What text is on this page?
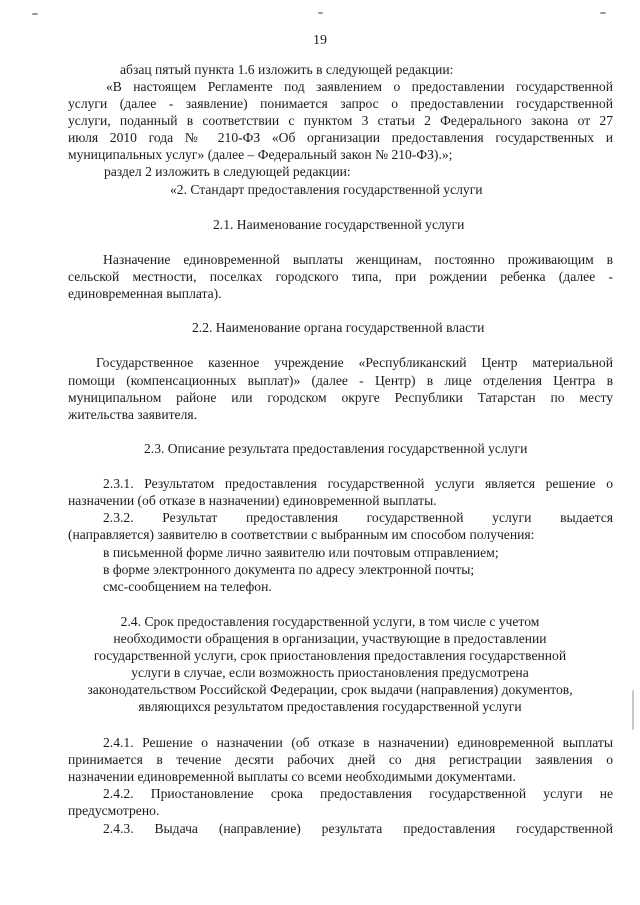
19
абзац пятый пункта 1.6 изложить в следующей редакции:
«В настоящем Регламенте под заявлением о предоставлении государственной
услуги (далее - заявление) понимается запрос о предоставлении государственной
услуги, поданный в соответствии с пунктом 3 статьи 2 Федерального закона от 27
июля 2010 года № 210-ФЗ «Об организации предоставления государственных и
муниципальных услуг» (далее – Федеральный закон № 210-ФЗ).»;
раздел 2 изложить в следующей редакции:
«2. Стандарт предоставления государственной услуги
2.1. Наименование государственной услуги
Назначение единовременной выплаты женщинам, постоянно проживающим в
сельской местности, поселках городского типа, при рождении ребенка (далее -
единовременная выплата).
2.2. Наименование органа государственной власти
Государственное казенное учреждение «Республиканский Центр материальной
помощи (компенсационных выплат)» (далее - Центр) в лице отделения Центра в
муниципальном районе или городском округе Республики Татарстан по месту
жительства заявителя.
2.3. Описание результата предоставления государственной услуги
2.3.1. Результатом предоставления государственной услуги является решение о
назначении (об отказе в назначении) единовременной выплаты.
2.3.2. Результат предоставления государственной услуги выдается
(направляется) заявителю в соответствии с выбранным им способом получения:
в письменной форме лично заявителю или почтовым отправлением;
в форме электронного документа по адресу электронной почты;
смс-сообщением на телефон.
2.4. Срок предоставления государственной услуги, в том числе с учетом
необходимости обращения в организации, участвующие в предоставлении
государственной услуги, срок приостановления предоставления государственной
услуги в случае, если возможность приостановления предусмотрена
законодательством Российской Федерации, срок выдачи (направления) документов,
являющихся результатом предоставления государственной услуги
2.4.1. Решение о назначении (об отказе в назначении) единовременной выплаты
принимается в течение десяти рабочих дней со дня регистрации заявления о
назначении единовременной выплаты со всеми необходимыми документами.
2.4.2. Приостановление срока предоставления государственной услуги не
предусмотрено.
2.4.3. Выдача (направление) результата предоставления государственной
